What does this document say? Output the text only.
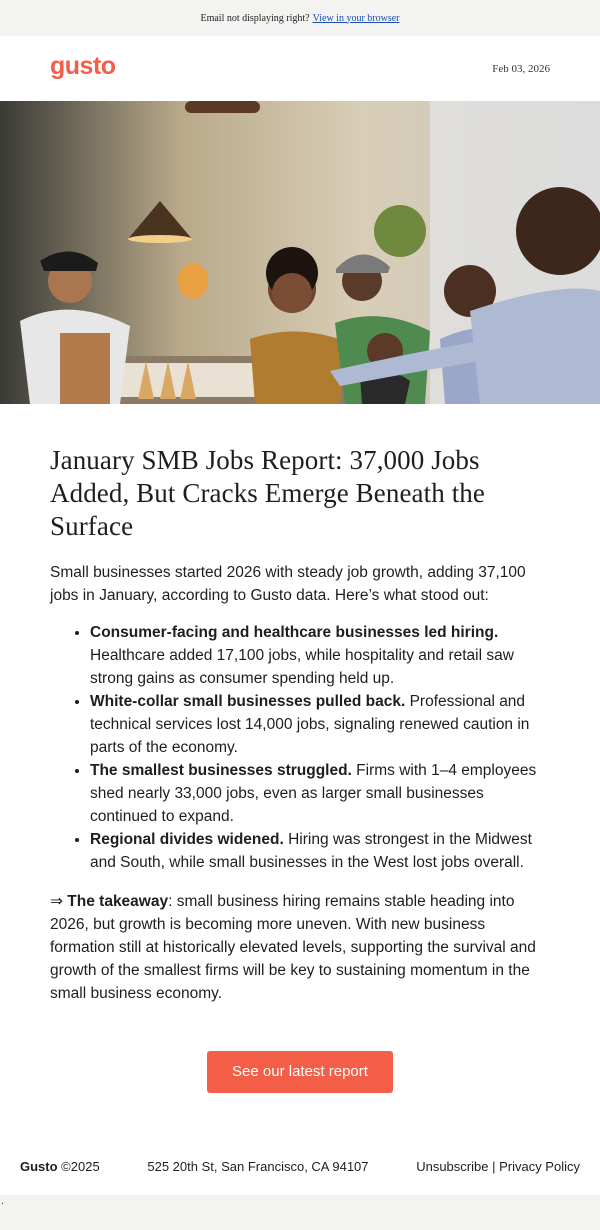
Email not displaying right? View in your browser
gusto	Feb 03, 2026
January SMB Jobs Report: 37,000 Jobs Added, But Cracks Emerge Beneath the Surface

Small businesses started 2026 with steady job growth, adding 37,100 jobs in January, according to Gusto data. Here’s what stood out:

• Consumer-facing and healthcare businesses led hiring. Healthcare added 17,100 jobs, while hospitality and retail saw strong gains as consumer spending held up.
• White-collar small businesses pulled back. Professional and technical services lost 14,000 jobs, signaling renewed caution in parts of the economy.
• The smallest businesses struggled. Firms with 1–4 employees shed nearly 33,000 jobs, even as larger small businesses continued to expand.
• Regional divides widened. Hiring was strongest in the Midwest and South, while small businesses in the West lost jobs overall.

⇒ The takeaway: small business hiring remains stable heading into 2026, but growth is becoming more uneven. With new business formation still at historically elevated levels, supporting the survival and growth of the smallest firms will be key to sustaining momentum in the small business economy.

See our latest report
Gusto ©2025	525 20th St, San Francisco, CA 94107	Unsubscribe | Privacy Policy
.
